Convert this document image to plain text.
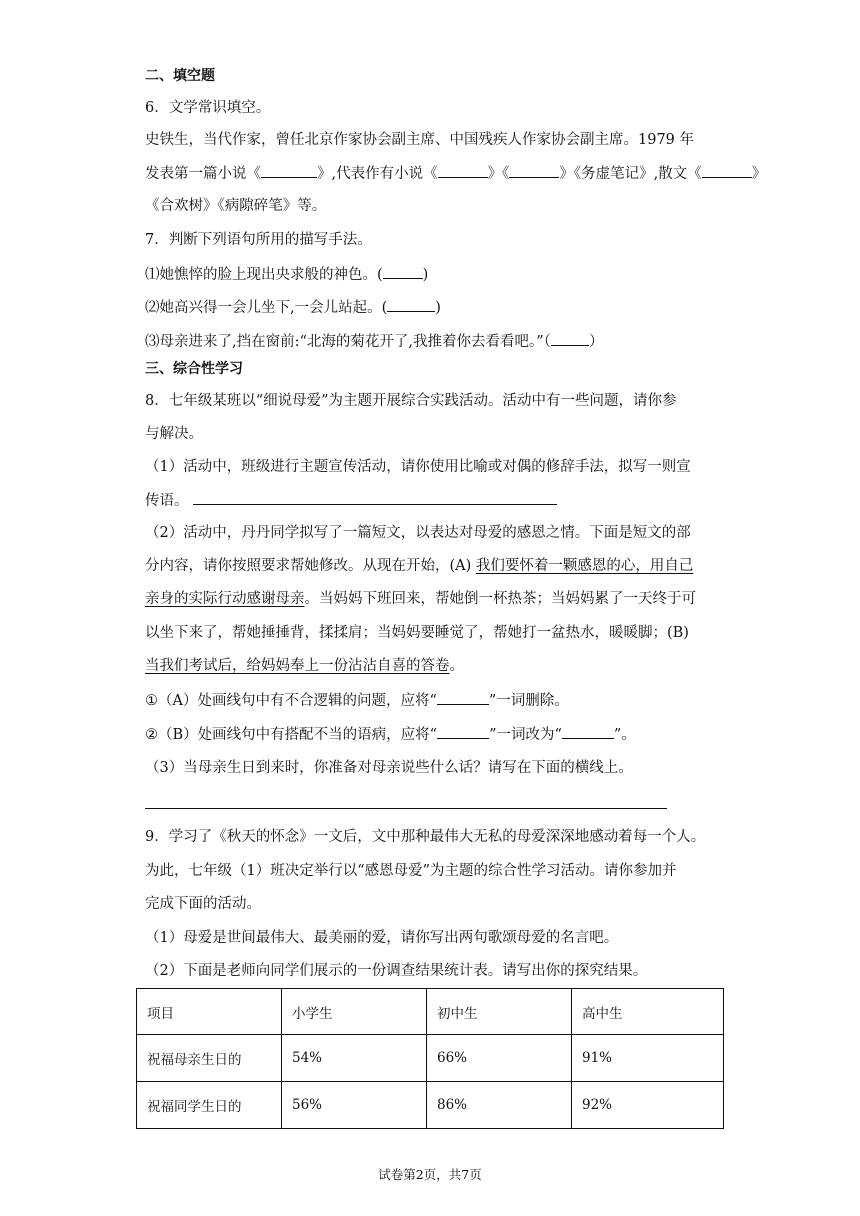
二、填空题
6．文学常识填空。
史铁生，当代作家，曾任北京作家协会副主席、中国残疾人作家协会副主席。1979 年
发表第一篇小说《	》,代表作有小说《	》《	》《务虚笔记》,散文《	》
《合欢树》《病隙碎笔》等。
7．判断下列语句所用的描写手法。
⑴她憔悴的脸上现出央求般的神色。(	)
⑵她高兴得一会儿坐下,一会儿站起。(	)
⑶母亲进来了,挡在窗前:“北海的菊花开了,我推着你去看看吧。”（	）
三、综合性学习
8．七年级某班以“细说母爱”为主题开展综合实践活动。活动中有一些问题，请你参
与解决。
（1）活动中，班级进行主题宣传活动，请你使用比喻或对偶的修辞手法，拟写一则宣
传语。
（2）活动中，丹丹同学拟写了一篇短文，以表达对母爱的感恩之情。下面是短文的部
分内容，请你按照要求帮她修改。从现在开始，(A) 我们要怀着一颗感恩的心，用自己
亲身的实际行动感谢母亲。当妈妈下班回来，帮她倒一杯热茶；当妈妈累了一天终于可
以坐下来了，帮她捶捶背，揉揉肩；当妈妈要睡觉了，帮她打一盆热水，暖暖脚；(B)
当我们考试后，给妈妈奉上一份沾沾自喜的答卷。
①（A）处画线句中有不合逻辑的问题，应将“	”一词删除。
②（B）处画线句中有搭配不当的语病，应将“	”一词改为“	”。
（3）当母亲生日到来时，你准备对母亲说些什么话？请写在下面的横线上。
9．学习了《秋天的怀念》一文后，文中那种最伟大无私的母爱深深地感动着每一个人。
为此，七年级（1）班决定举行以“感恩母爱”为主题的综合性学习活动。请你参加并
完成下面的活动。
（1）母爱是世间最伟大、最美丽的爱，请你写出两句歌颂母爱的名言吧。
（2）下面是老师向同学们展示的一份调查结果统计表。请写出你的探究结果。
项目	小学生	初中生	高中生
祝福母亲生日的	54%	66%	91%
祝福同学生日的	56%	86%	92%
试卷第2页，共7页
